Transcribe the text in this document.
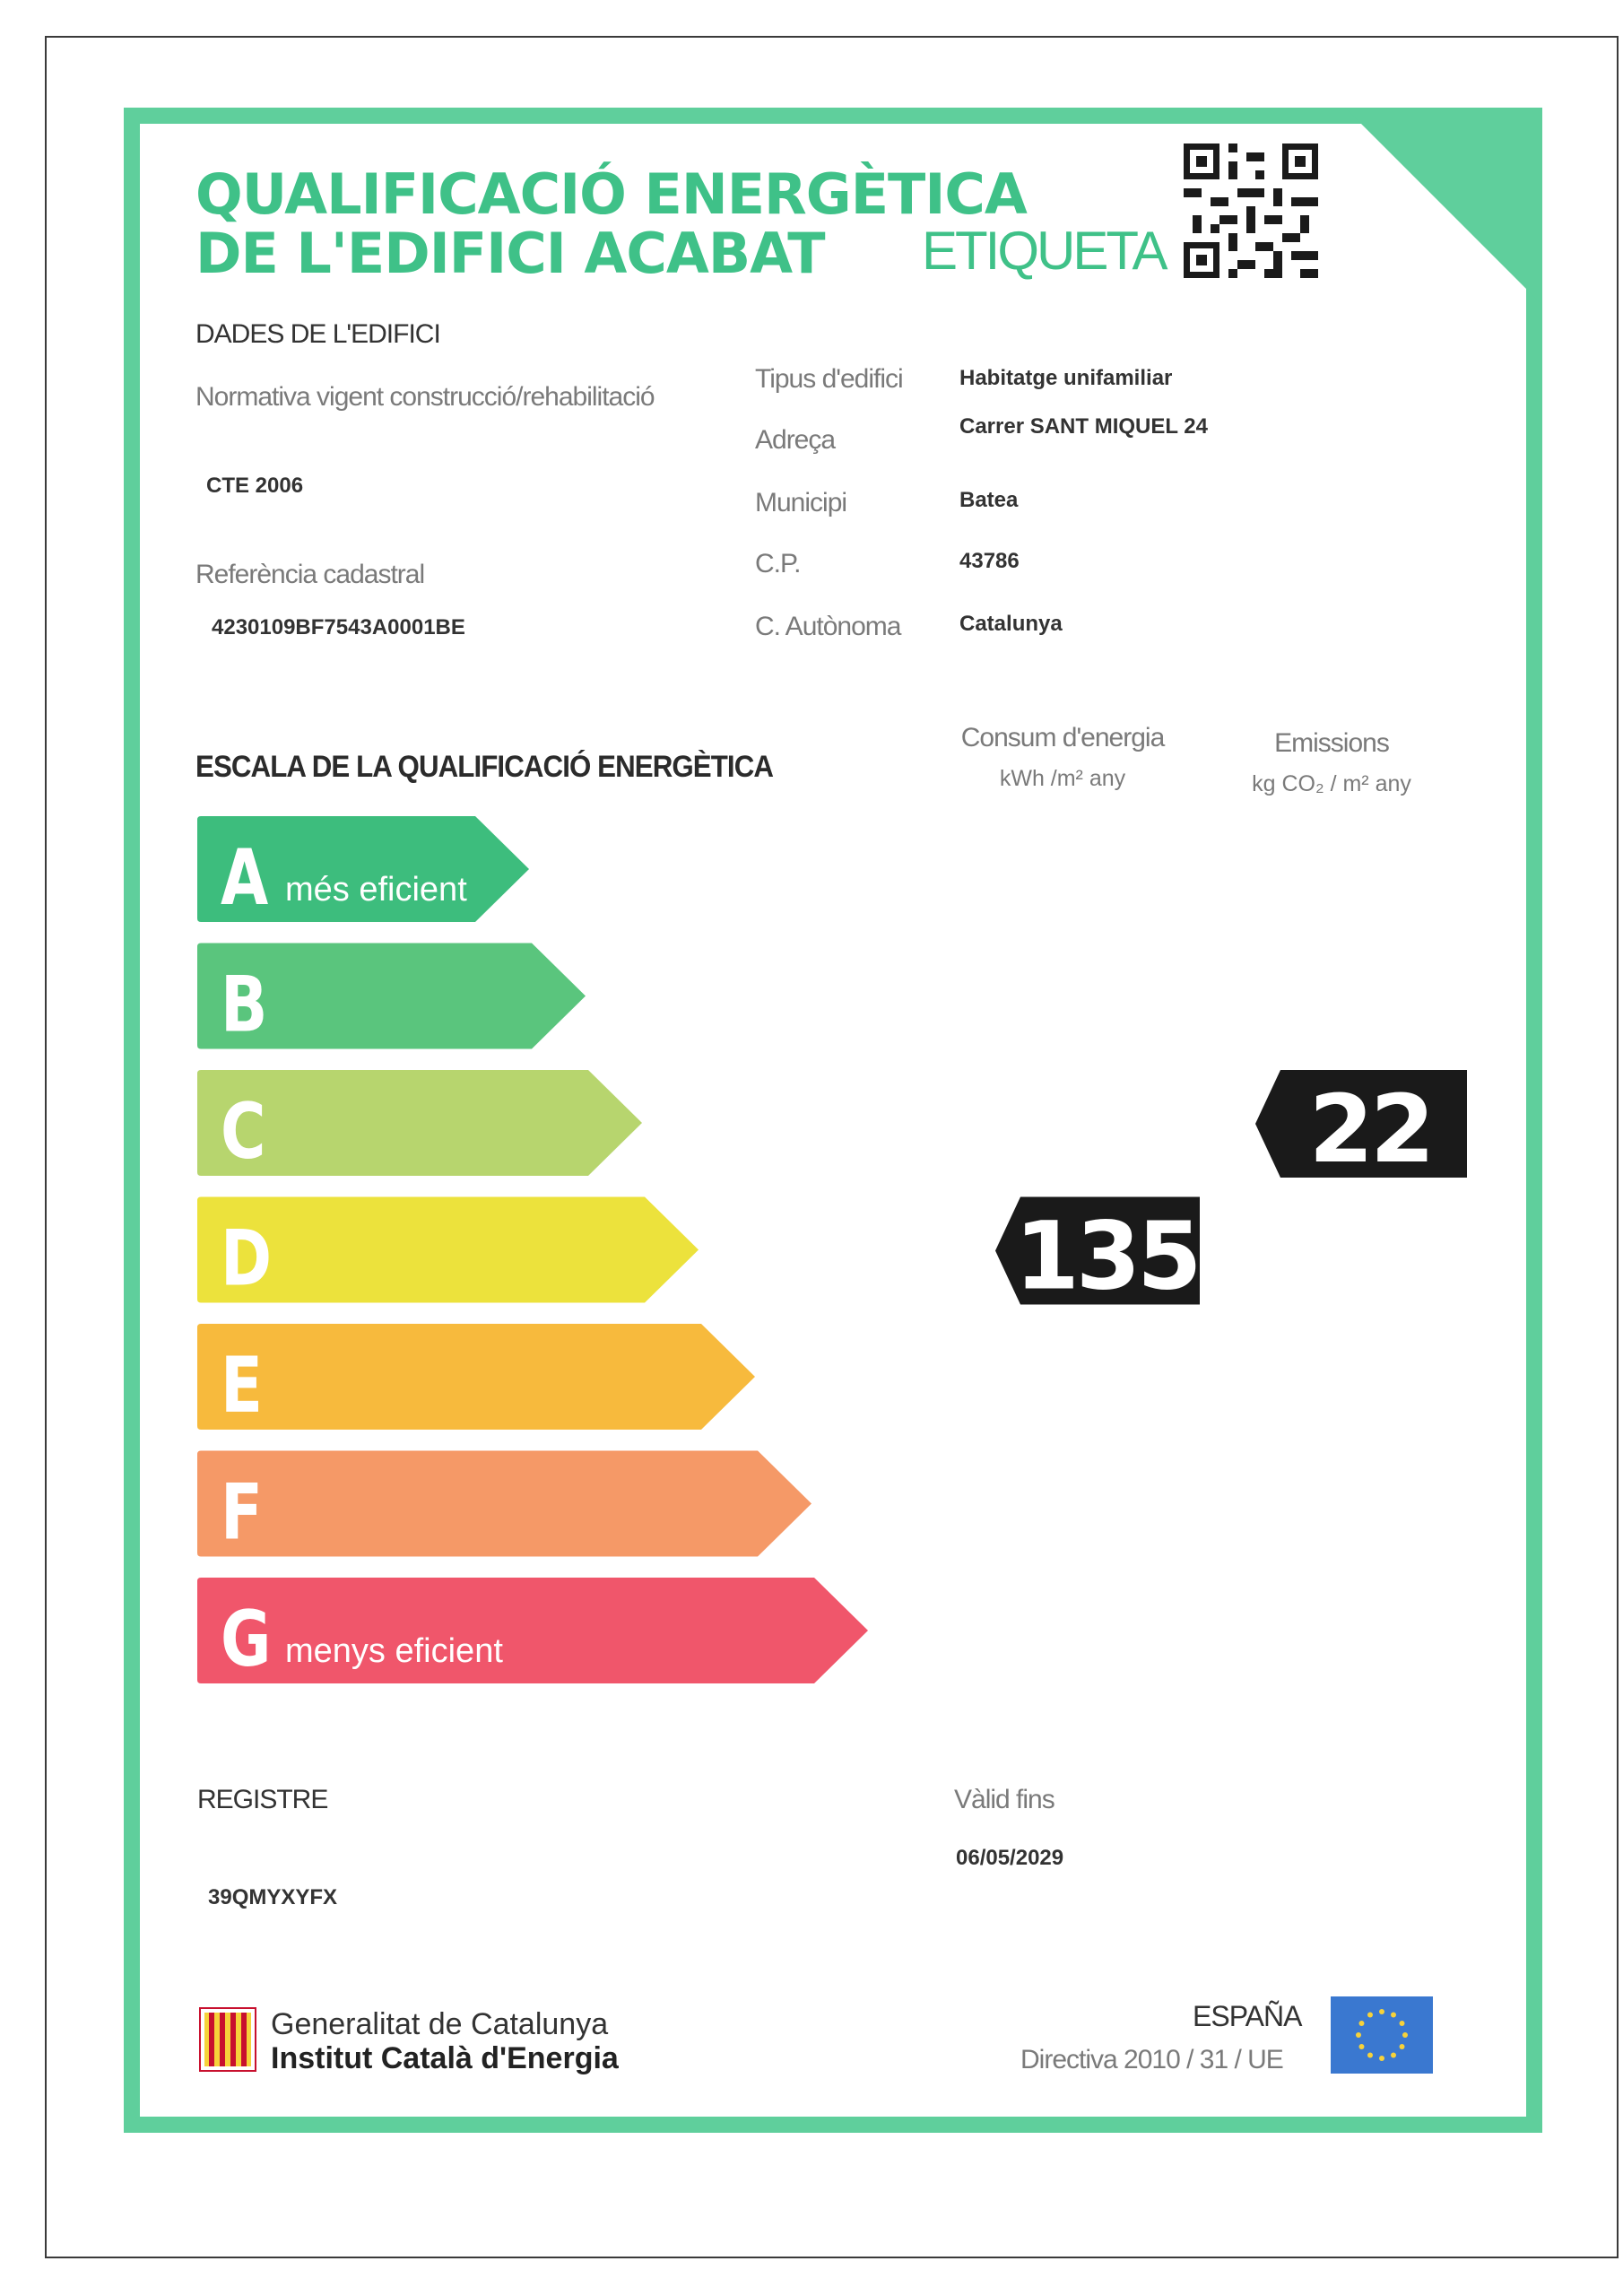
QUALIFICACIÓ ENERGÈTICA
DE L'EDIFICI ACABAT ETIQUETA
DADES DE L'EDIFICI
Normativa vigent construcció/rehabilitació
CTE 2006
Referència cadastral
4230109BF7543A0001BE
Tipus d'edifici	Habitatge unifamiliar
Adreça	Carrer SANT MIQUEL 24
Municipi	Batea
C.P.	43786
C. Autònoma	Catalunya
ESCALA DE LA QUALIFICACIÓ ENERGÈTICA
Consum d'energia
kWh /m² any
Emissions
kg CO₂ / m² any
A més eficient
B
C
D
E
F
G menys eficient
135
22
REGISTRE
39QMYXYFX
Vàlid fins
06/05/2029
Generalitat de Catalunya
Institut Català d'Energia
ESPAÑA
Directiva 2010 / 31 / UE
